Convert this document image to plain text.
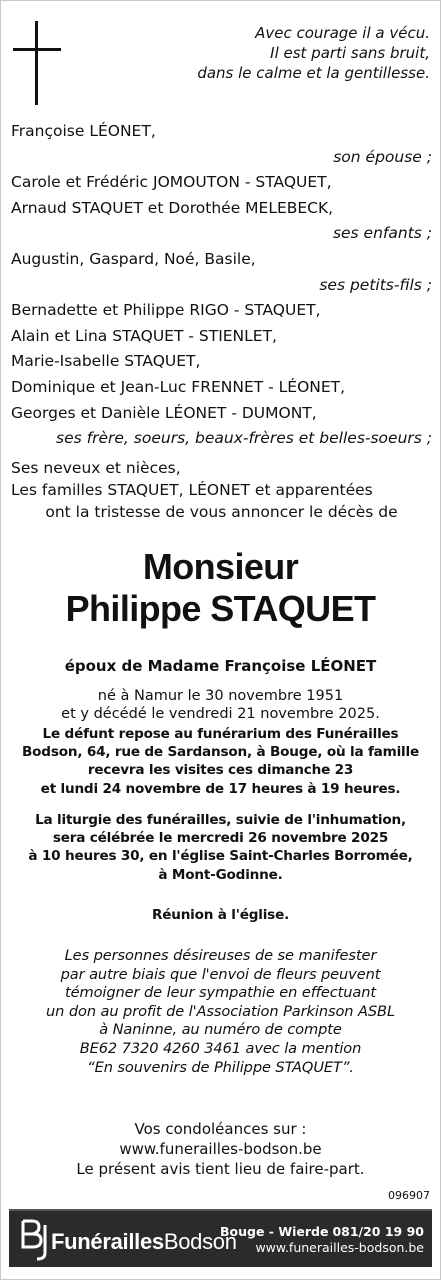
Avec courage il a vécu.
Il est parti sans bruit,
dans le calme et la gentillesse.
Françoise LÉONET,
son épouse ;
Carole et Frédéric JOMOUTON - STAQUET,
Arnaud STAQUET et Dorothée MELEBECK,
ses enfants ;
Augustin, Gaspard, Noé, Basile,
ses petits-fils ;
Bernadette et Philippe RIGO - STAQUET,
Alain et Lina STAQUET - STIENLET,
Marie-Isabelle STAQUET,
Dominique et Jean-Luc FRENNET - LÉONET,
Georges et Danièle LÉONET - DUMONT,
ses frère, soeurs, beaux-frères et belles-soeurs ;
Ses neveux et nièces,
Les familles STAQUET, LÉONET et apparentées
ont la tristesse de vous annoncer le décès de
Monsieur
Philippe STAQUET
époux de Madame Françoise LÉONET
né à Namur le 30 novembre 1951
et y décédé le vendredi 21 novembre 2025.
Le défunt repose au funérarium des Funérailles
Bodson, 64, rue de Sardanson, à Bouge, où la famille
recevra les visites ces dimanche 23
et lundi 24 novembre de 17 heures à 19 heures.
La liturgie des funérailles, suivie de l'inhumation,
sera célébrée le mercredi 26 novembre 2025
à 10 heures 30, en l'église Saint-Charles Borromée,
à Mont-Godinne.
Réunion à l'église.
Les personnes désireuses de se manifester
par autre biais que l'envoi de fleurs peuvent
témoigner de leur sympathie en effectuant
un don au profit de l'Association Parkinson ASBL
à Naninne, au numéro de compte
BE62 7320 4260 3461 avec la mention
“En souvenirs de Philippe STAQUET”.
Vos condoléances sur :
www.funerailles-bodson.be
Le présent avis tient lieu de faire-part.
096907
FunéraillesBodson
Bouge - Wierde 081/20 19 90
www.funerailles-bodson.be
